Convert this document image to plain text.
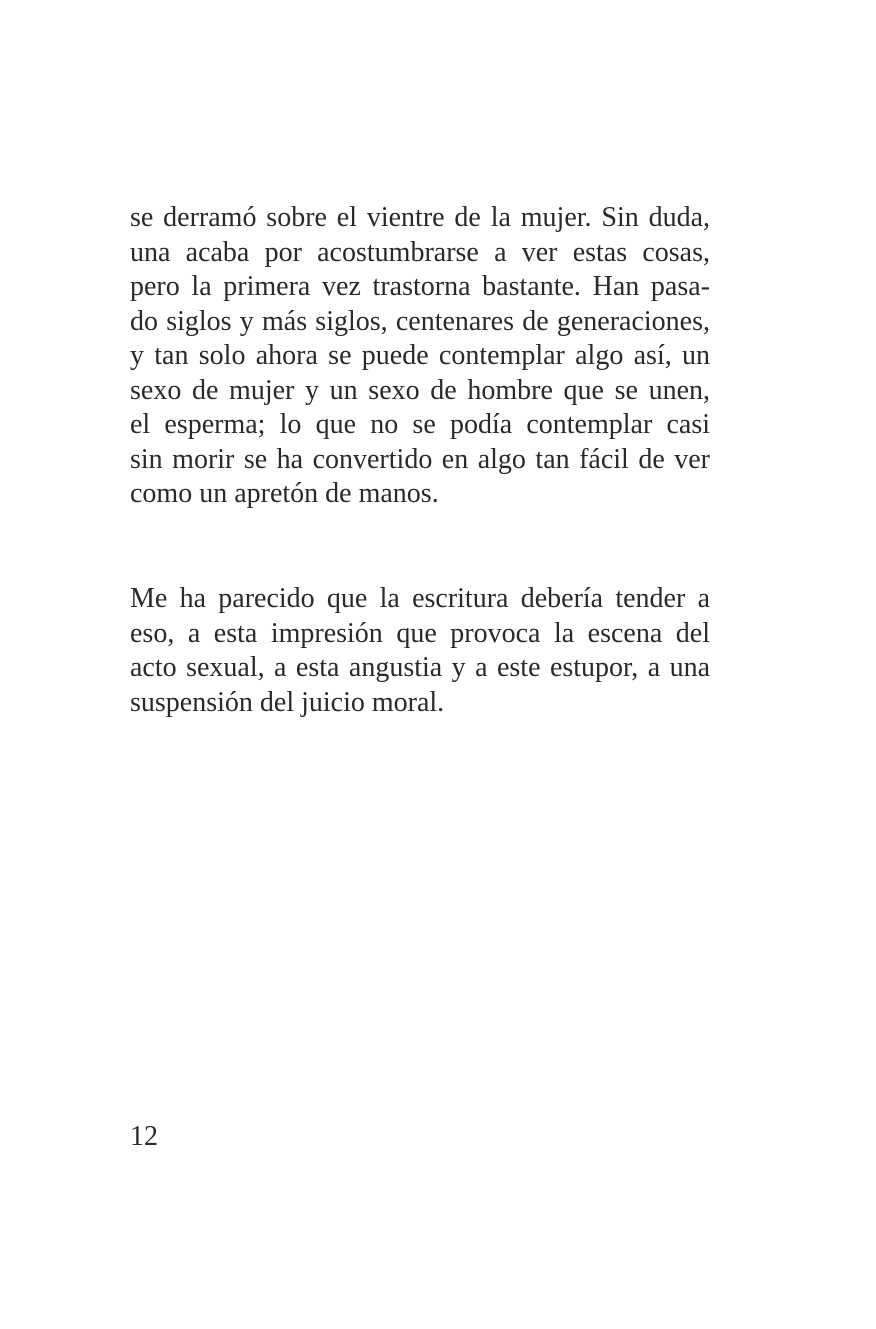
se derramó sobre el vientre de la mujer. Sin duda,

una acaba por acostumbrarse a ver estas cosas,

pero la primera vez trastorna bastante. Han pasa-

do siglos y más siglos, centenares de generaciones,

y tan solo ahora se puede contemplar algo así, un

sexo de mujer y un sexo de hombre que se unen,

el esperma; lo que no se podía contemplar casi

sin morir se ha convertido en algo tan fácil de ver

como un apretón de manos.

Me ha parecido que la escritura debería tender a

eso, a esta impresión que provoca la escena del

acto sexual, a esta angustia y a este estupor, a una

suspensión del juicio moral.

12
